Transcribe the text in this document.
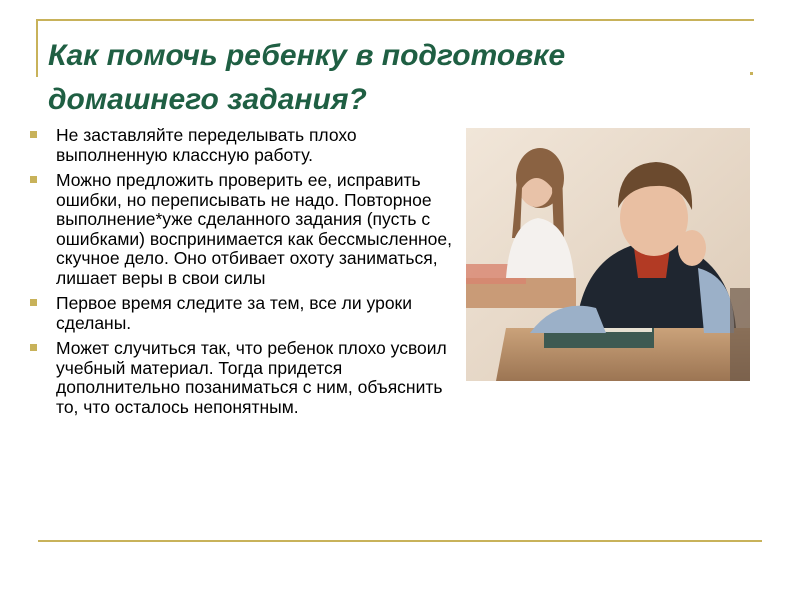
Как помочь ребенку в подготовке
домашнего задания?
Не заставляйте переделывать плохо выполненную классную работу.
Можно предложить проверить ее, исправить ошибки, но переписывать не надо. Повторное выполнение*уже сделанного задания (пусть с ошибками) воспринимается как бессмысленное, скучное дело. Оно отбивает охоту заниматься, лишает веры в свои силы
Первое время следите за тем, все ли уроки сделаны.
Может случиться так, что ребенок плохо усвоил учебный материал. Тогда придется дополнительно позаниматься с ним, объяснить то, что осталось непонятным.
